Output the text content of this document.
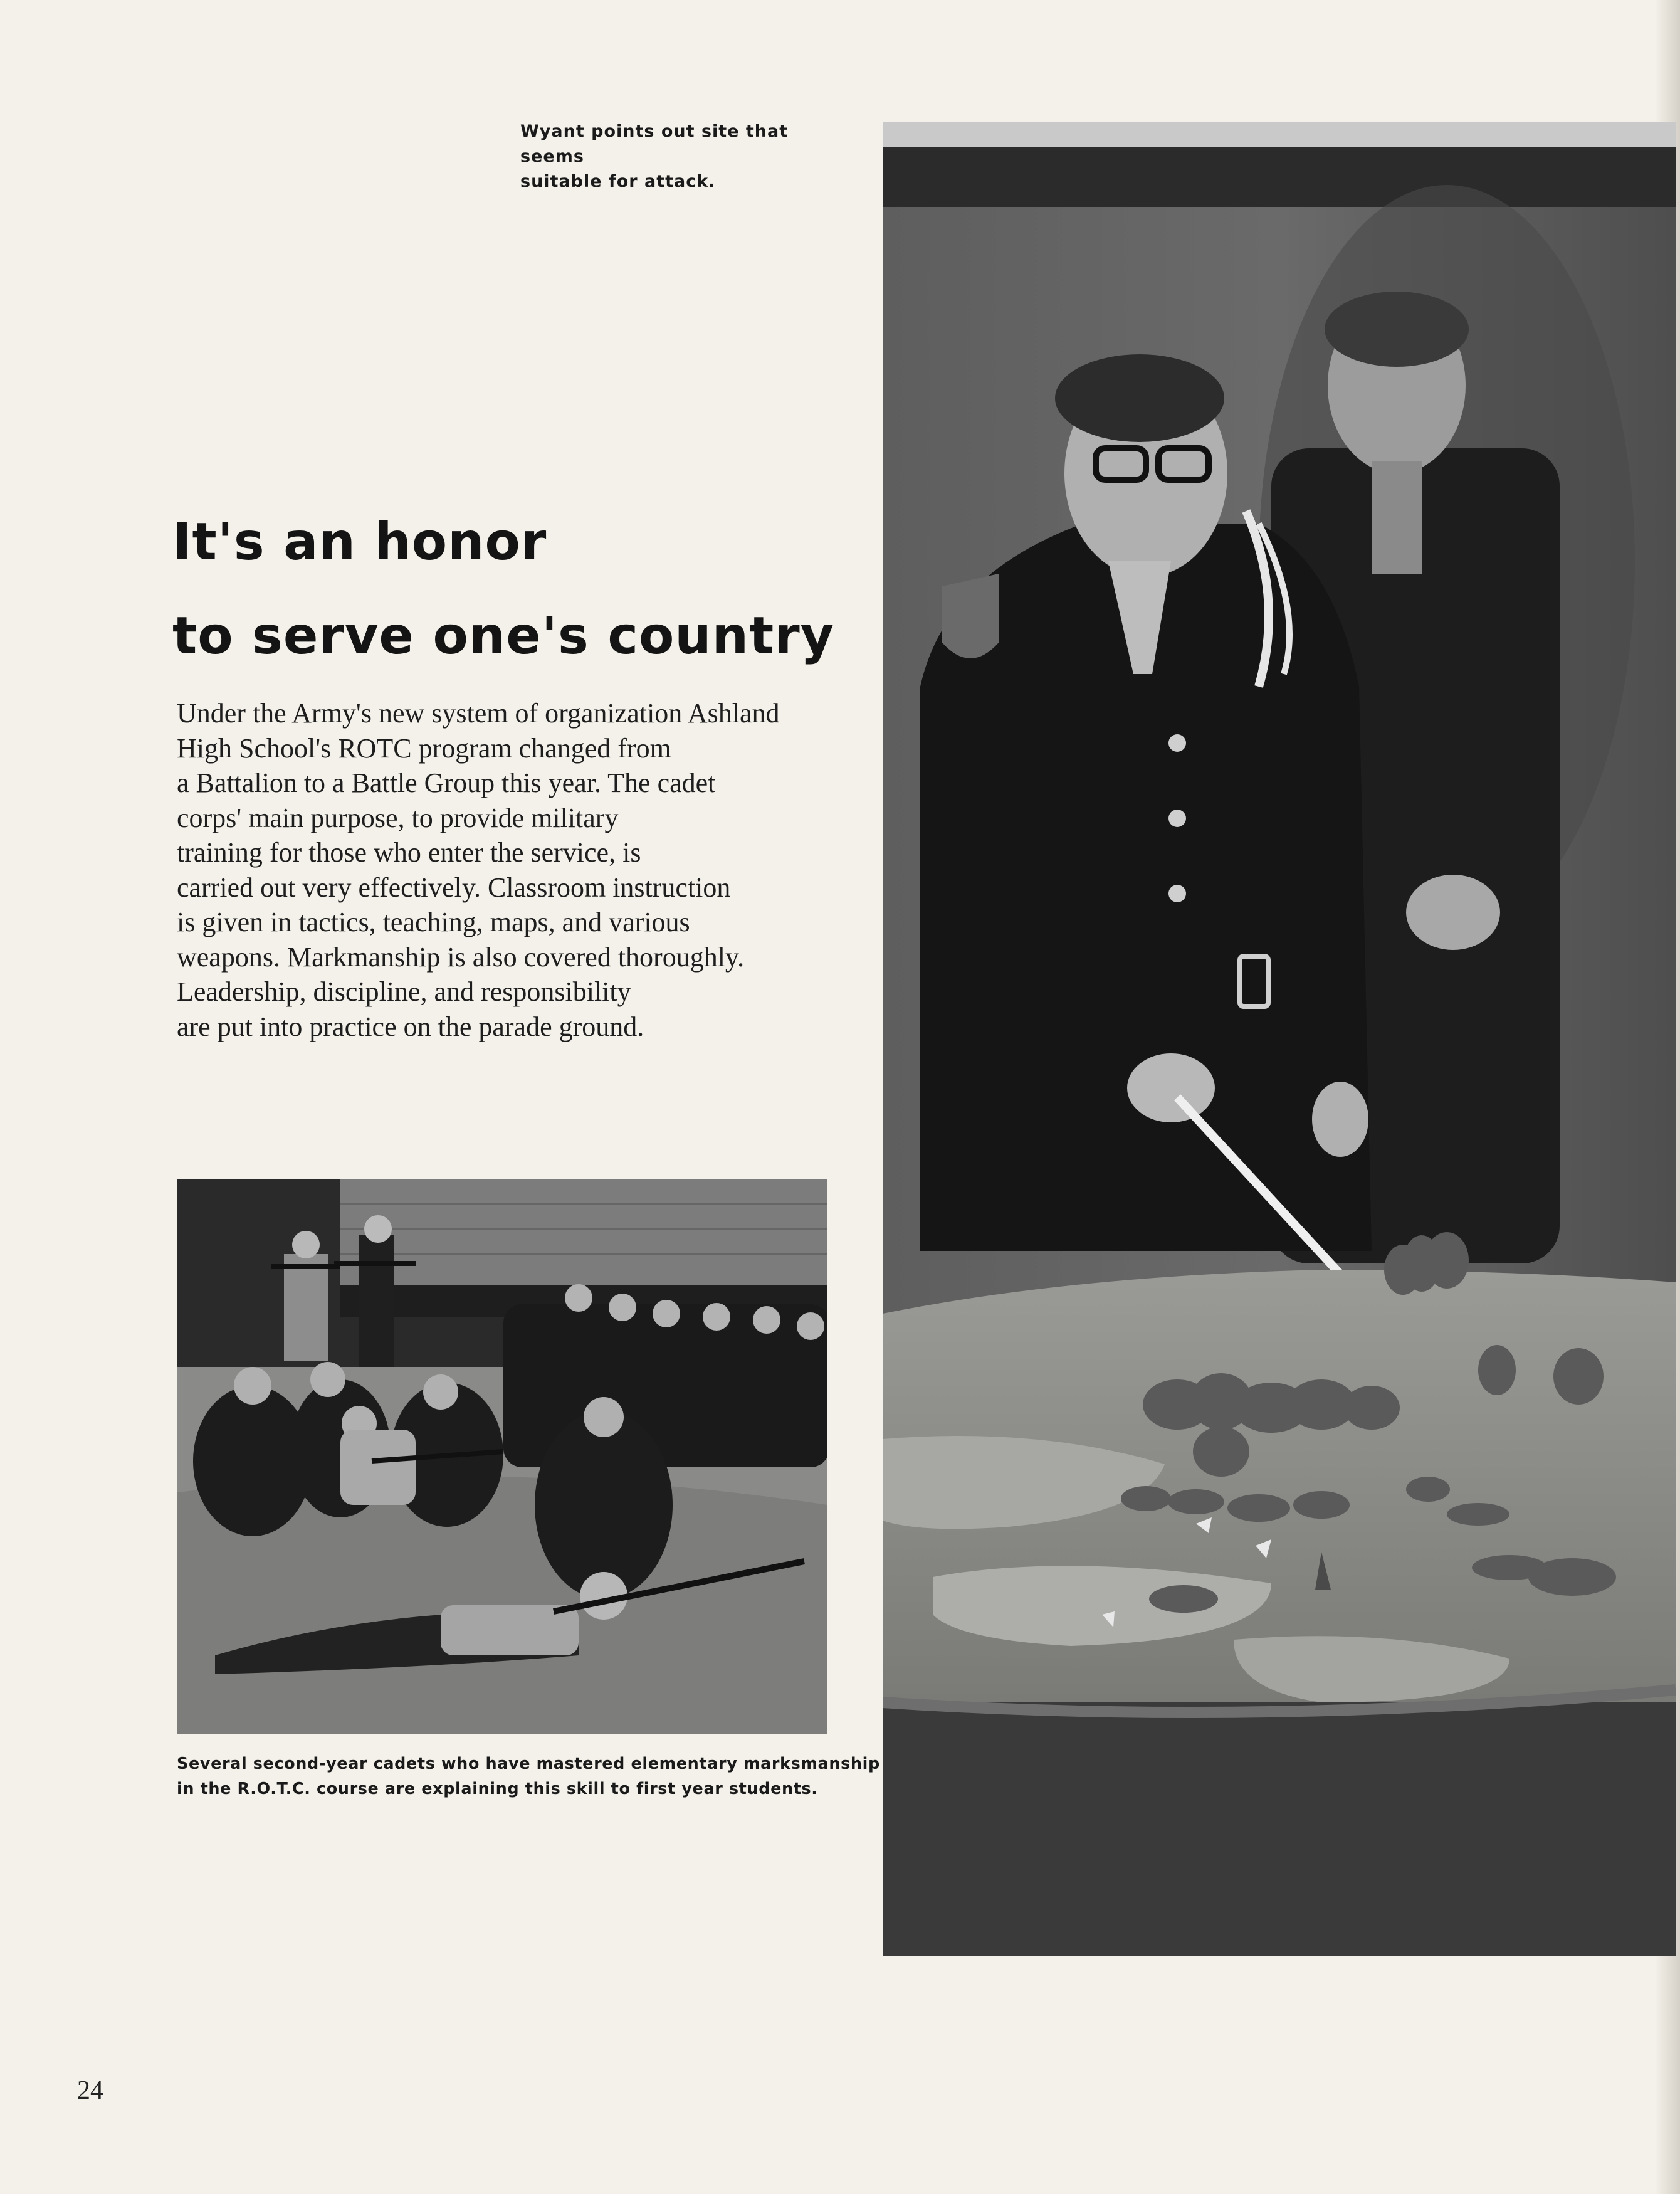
Wyant points out site that seems
suitable for attack.
It's an honor
to serve one's country
Under the Army's new system of organization Ashland
High School's ROTC program changed from
a Battalion to a Battle Group this year. The cadet
corps' main purpose, to provide military
training for those who enter the service, is
carried out very effectively. Classroom instruction
is given in tactics, teaching, maps, and various
weapons. Markmanship is also covered thoroughly.
Leadership, discipline, and responsibility
are put into practice on the parade ground.
Several second-year cadets who have mastered elementary marksmanship
in the R.O.T.C. course are explaining this skill to first year students.
24
